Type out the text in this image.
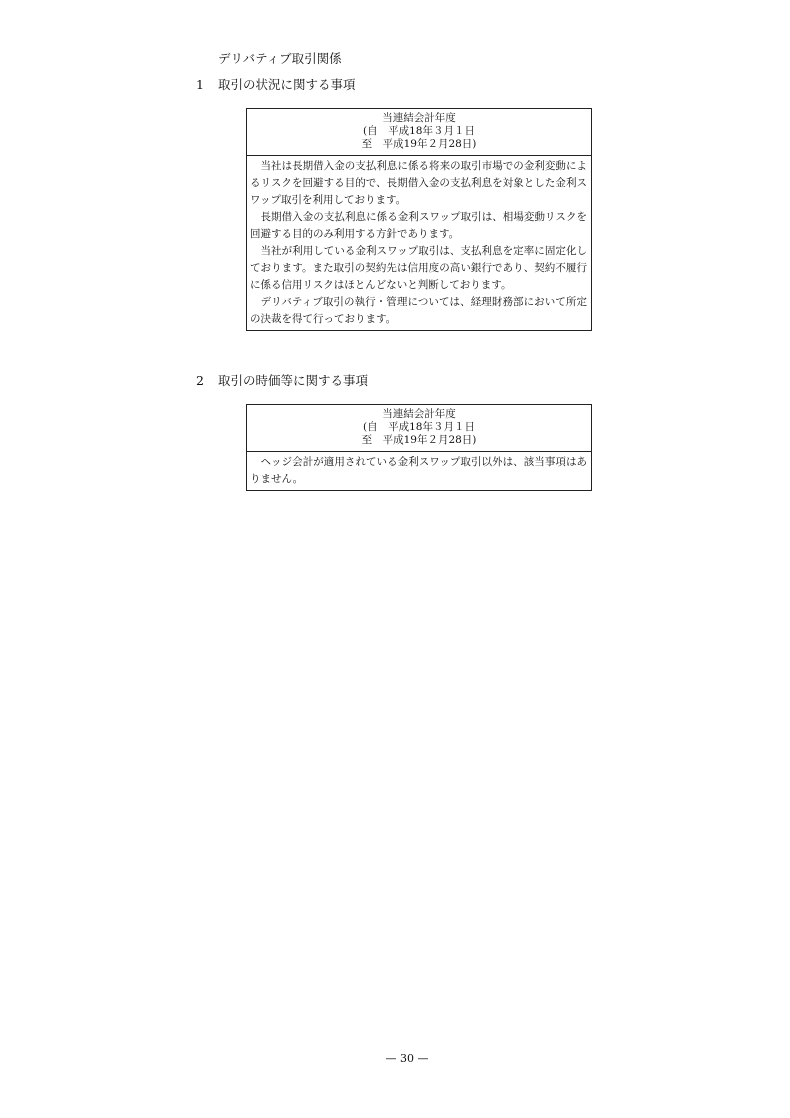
デリバティブ取引関係
1 取引の状況に関する事項
当連結会計年度
(自　平成18年３月１日
至　平成19年２月28日)

当社は長期借入金の支払利息に係る将来の取引市場での金利変動によるリスクを回避する目的で、長期借入金の支払利息を対象とした金利スワップ取引を利用しております。

長期借入金の支払利息に係る金利スワップ取引は、相場変動リスクを回避する目的のみ利用する方針であります。

当社が利用している金利スワップ取引は、支払利息を定率に固定化しております。また取引の契約先は信用度の高い銀行であり、契約不履行に係る信用リスクはほとんどないと判断しております。

デリバティブ取引の執行・管理については、経理財務部において所定の決裁を得て行っております。

2 取引の時価等に関する事項
当連結会計年度
(自　平成18年３月１日
至　平成19年２月28日)

ヘッジ会計が適用されている金利スワップ取引以外は、該当事項はありません。

— 30 —
